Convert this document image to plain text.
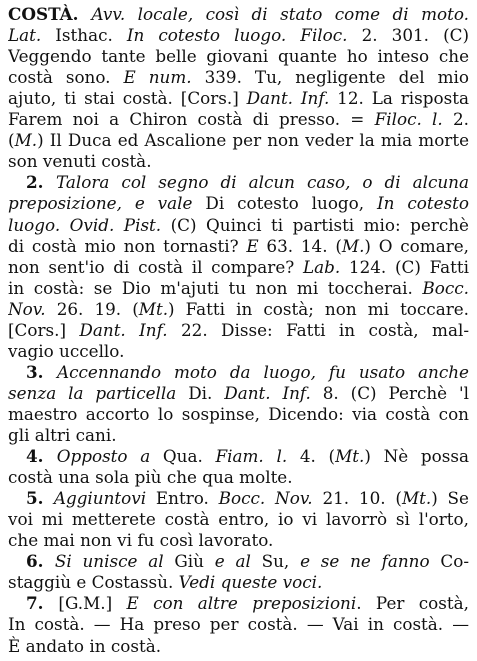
COSTÀ. Avv. locale, così di stato come di moto.
Lat. Isthac. In cotesto luogo. Filoc. 2. 301. (C)
Veggendo tante belle giovani quante ho inteso che
costà sono. E num. 339. Tu, negligente del mio
ajuto, ti stai costà. [Cors.] Dant. Inf. 12. La risposta
Farem noi a Chiron costà di presso. = Filoc. l. 2.
(M.) Il Duca ed Ascalione per non veder la mia morte
son venuti costà.
2. Talora col segno di alcun caso, o di alcuna
preposizione, e vale Di cotesto luogo, In cotesto
luogo. Ovid. Pist. (C) Quinci ti partisti mio: perchè
di costà mio non tornasti? E 63. 14. (M.) O comare,
non sent'io di costà il compare? Lab. 124. (C) Fatti
in costà: se Dio m'ajuti tu non mi toccherai. Bocc.
Nov. 26. 19. (Mt.) Fatti in costà; non mi toccare.
[Cors.] Dant. Inf. 22. Disse: Fatti in costà, mal-
vagio uccello.
3. Accennando moto da luogo, fu usato anche
senza la particella Di. Dant. Inf. 8. (C) Perchè 'l
maestro accorto lo sospinse, Dicendo: via costà con
gli altri cani.
4. Opposto a Qua. Fiam. l. 4. (Mt.) Nè possa
costà una sola più che qua molte.
5. Aggiuntovi Entro. Bocc. Nov. 21. 10. (Mt.) Se
voi mi metterete costà entro, io vi lavorrò sì l'orto,
che mai non vi fu così lavorato.
6. Si unisce al Giù e al Su, e se ne fanno Co-
staggiù e Costassù. Vedi queste voci.
7. [G.M.] E con altre preposizioni. Per costà,
In costà. — Ha preso per costà. — Vai in costà. —
È andato in costà.
